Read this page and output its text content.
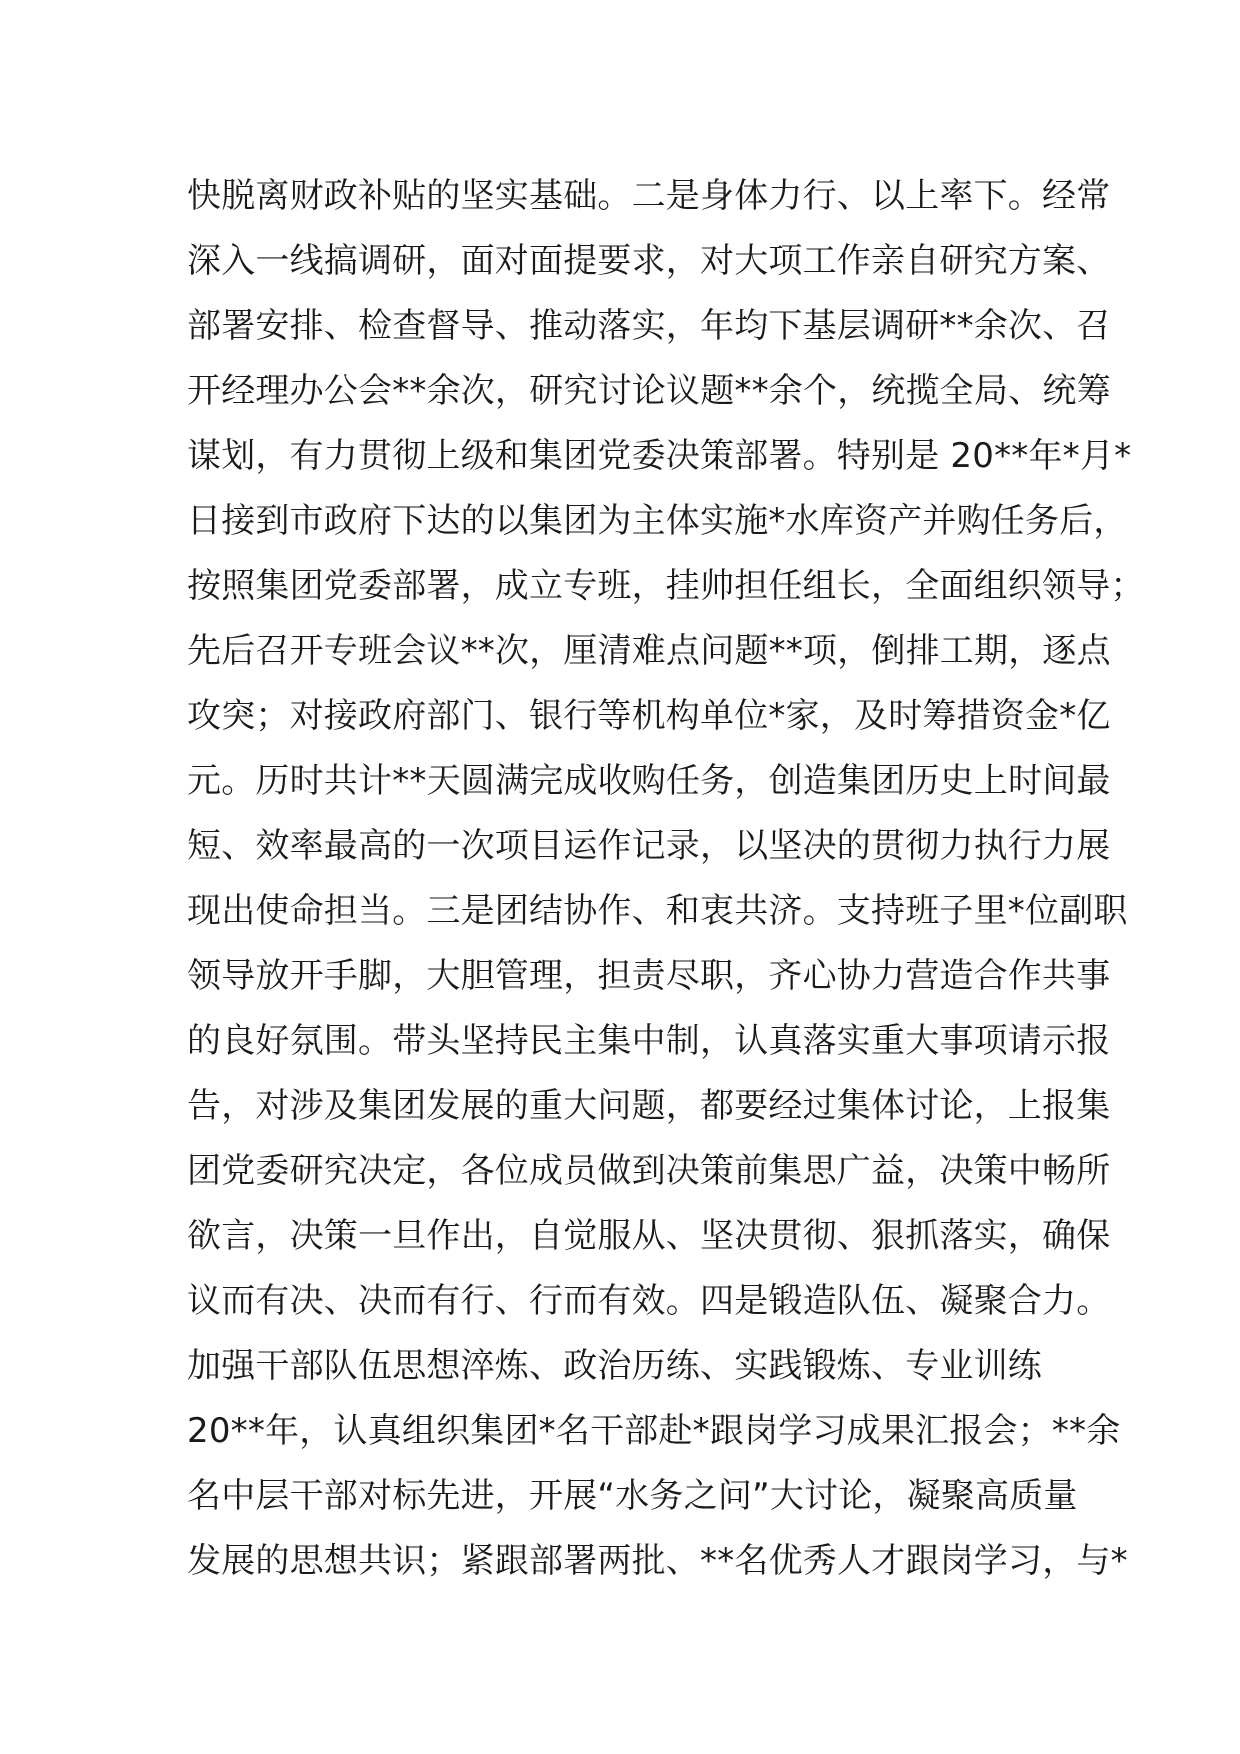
快脱离财政补贴的坚实基础。二是身体力行、以上率下。经常
深入一线搞调研，面对面提要求，对大项工作亲自研究方案、
部署安排、检查督导、推动落实，年均下基层调研**余次、召
开经理办公会**余次，研究讨论议题**余个，统揽全局、统筹
谋划，有力贯彻上级和集团党委决策部署。特别是 20**年*月*
日接到市政府下达的以集团为主体实施*水库资产并购任务后，
按照集团党委部署，成立专班，挂帅担任组长，全面组织领导；
先后召开专班会议**次，厘清难点问题**项，倒排工期，逐点
攻突；对接政府部门、银行等机构单位*家，及时筹措资金*亿
元。历时共计**天圆满完成收购任务，创造集团历史上时间最
短、效率最高的一次项目运作记录，以坚决的贯彻力执行力展
现出使命担当。三是团结协作、和衷共济。支持班子里*位副职
领导放开手脚，大胆管理，担责尽职，齐心协力营造合作共事
的良好氛围。带头坚持民主集中制，认真落实重大事项请示报
告，对涉及集团发展的重大问题，都要经过集体讨论，上报集
团党委研究决定，各位成员做到决策前集思广益，决策中畅所
欲言，决策一旦作出，自觉服从、坚决贯彻、狠抓落实，确保
议而有决、决而有行、行而有效。四是锻造队伍、凝聚合力。
加强干部队伍思想淬炼、政治历练、实践锻炼、专业训练
20**年，认真组织集团*名干部赴*跟岗学习成果汇报会；**余
名中层干部对标先进，开展“水务之问”大讨论，凝聚高质量
发展的思想共识；紧跟部署两批、**名优秀人才跟岗学习，与*
